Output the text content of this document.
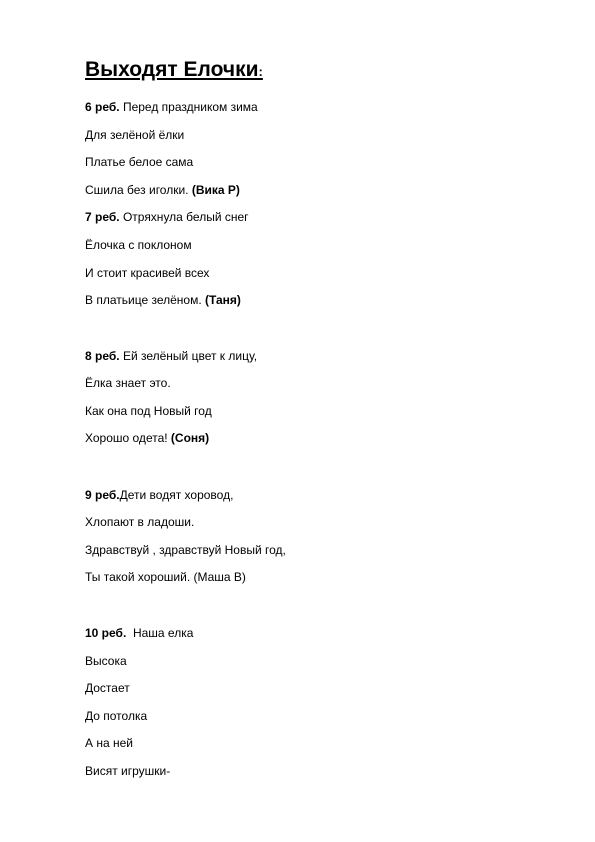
Выходят Елочки:
6 реб. Перед праздником зима
Для зелёной ёлки
Платье белое сама
Сшила без иголки. (Вика Р)
7 реб. Отряхнула белый снег
Ёлочка с поклоном
И стоит красивей всех
В платьице зелёном. (Таня)
8 реб. Ей зелёный цвет к лицу,
Ёлка знает это.
Как она под Новый год
Хорошо одета! (Соня)
9 реб.Дети водят хоровод,
Хлопают в ладоши.
Здравствуй , здравствуй Новый год,
Ты такой хороший. (Маша В)
10 реб.  Наша елка
Высока
Достает
До потолка
А на ней
Висят игрушки-
